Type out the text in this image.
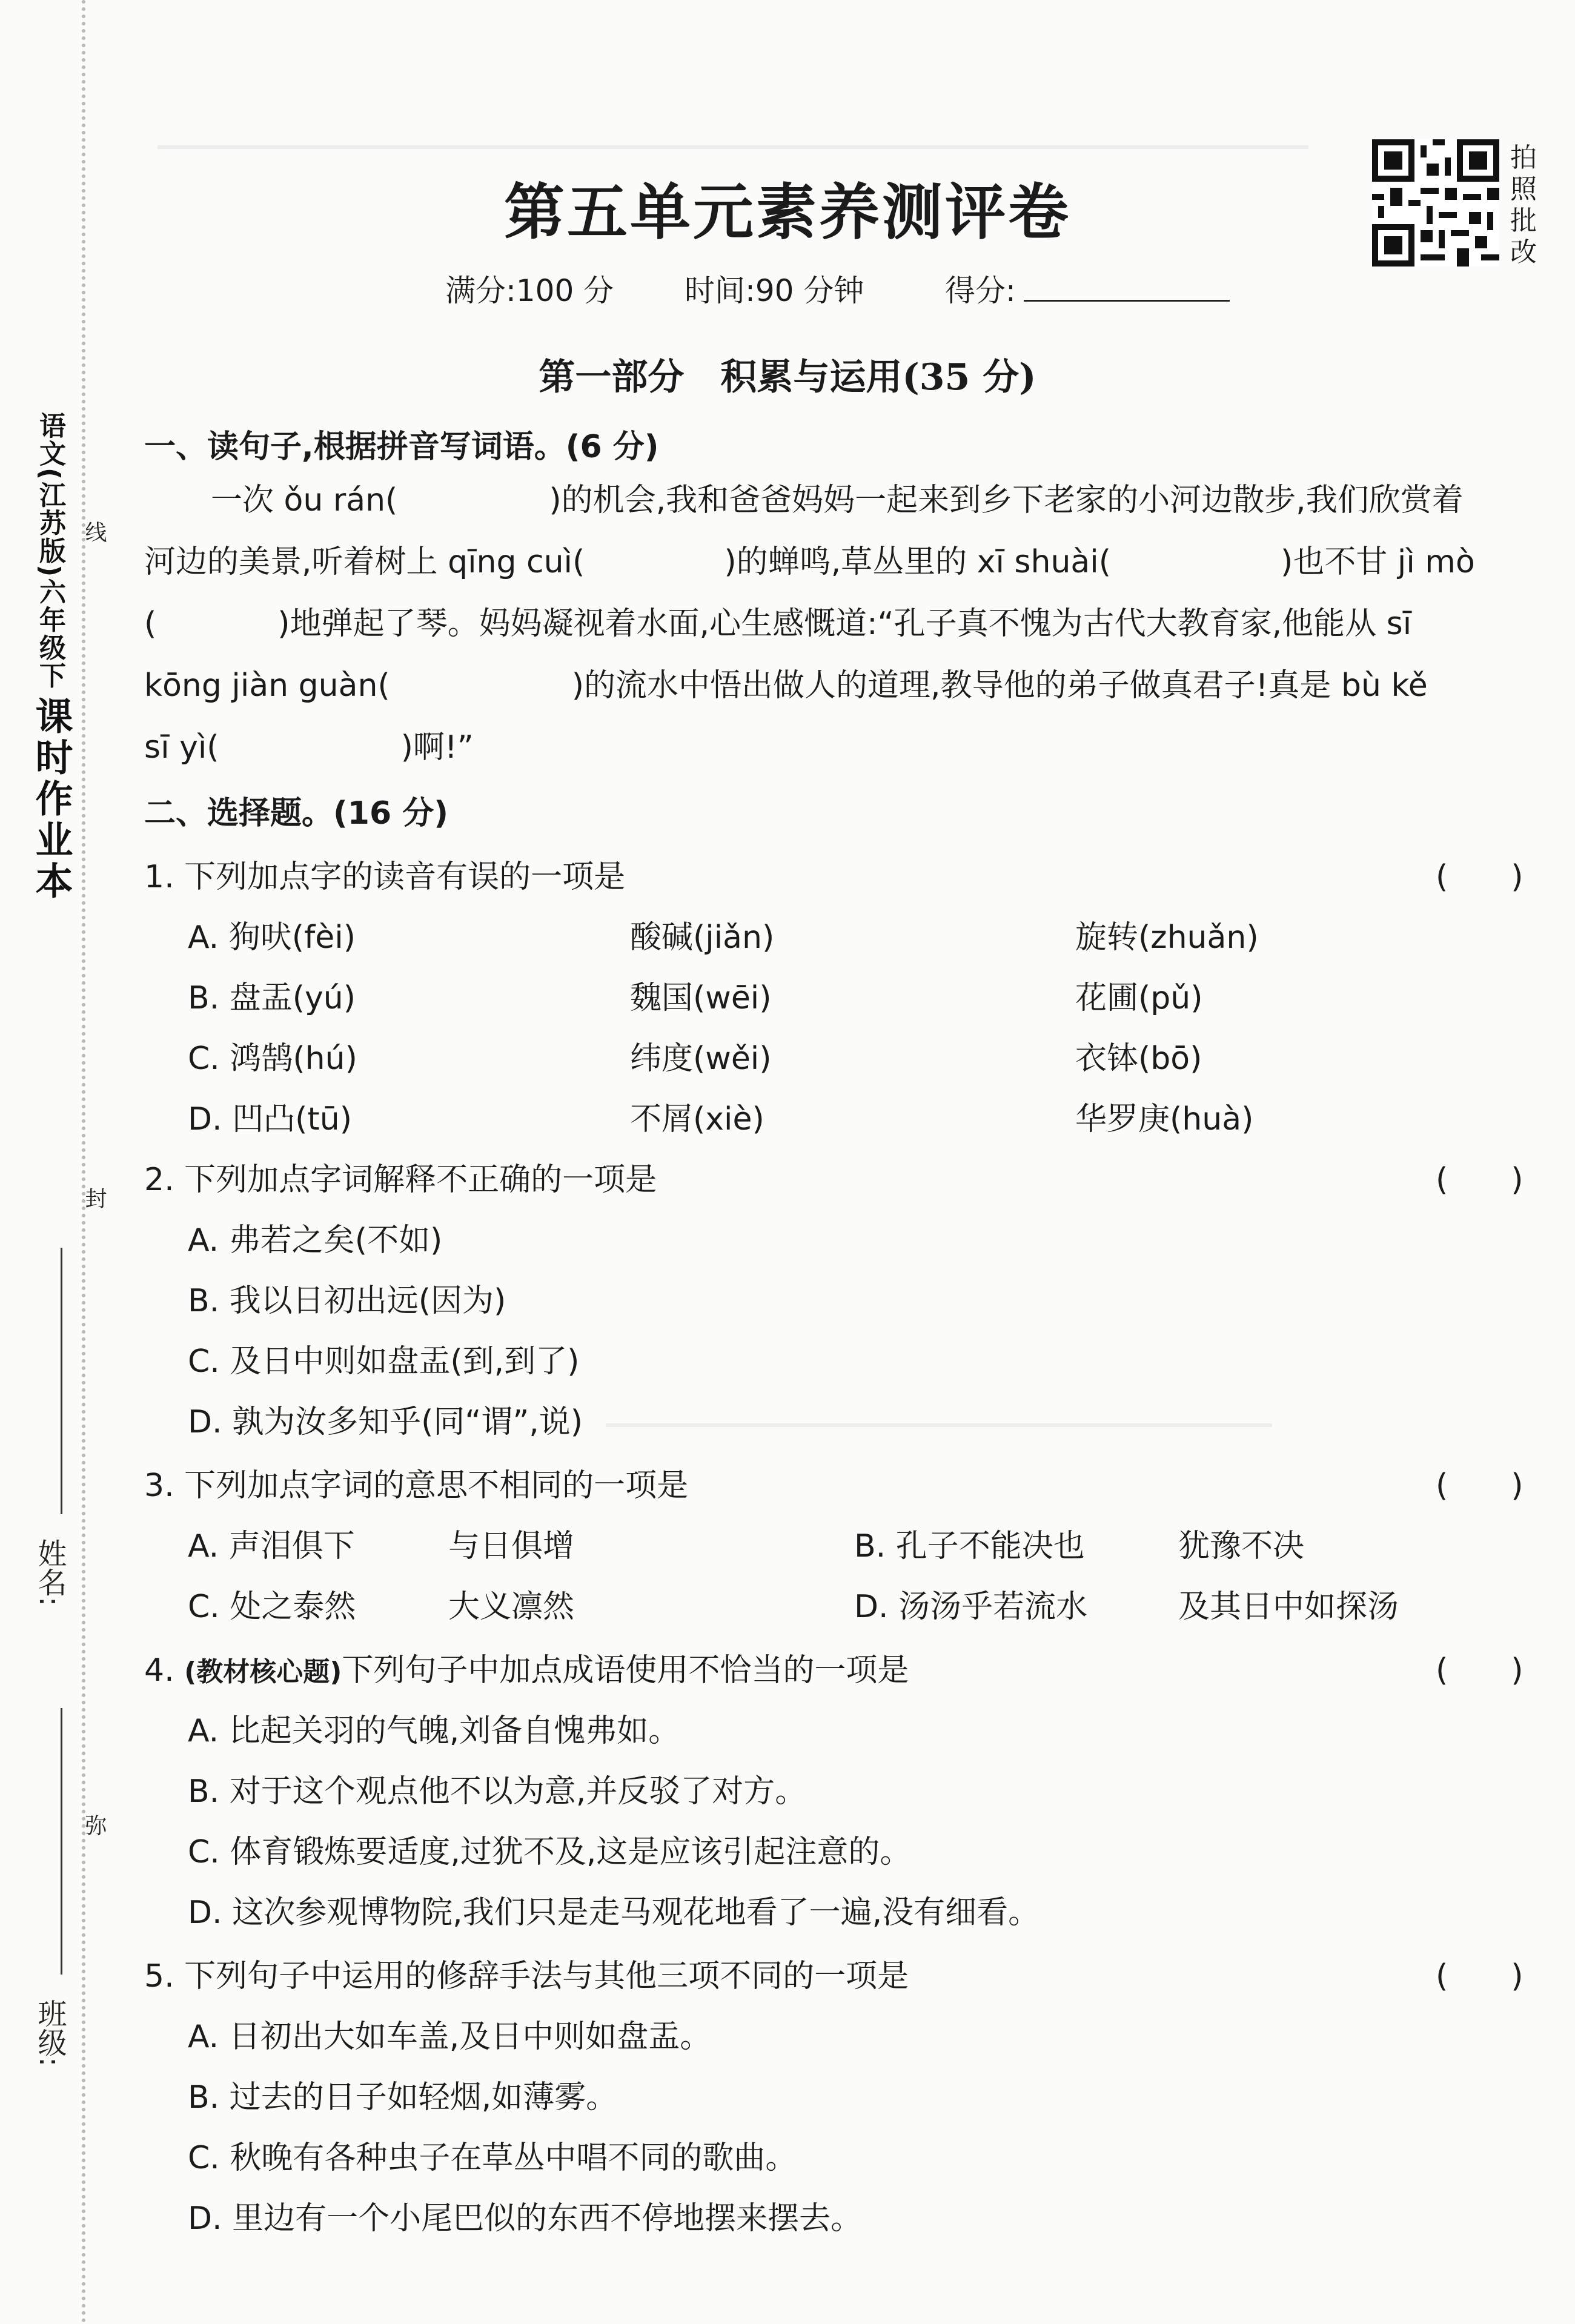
语文(江苏版)六年级下
课时作业本
线
封
弥
姓名:
班级:
第五单元素养测评卷
满分:100 分 时间:90 分钟	得分:
拍
照
批
改
第一部分　积累与运用(35 分)
一、读句子,根据拼音写词语。(6 分)
一次 ǒu rán(	)的机会,我和爸爸妈妈一起来到乡下老家的小河边散步,我们欣赏着
河边的美景,听着树上 qīng cuì(	)的蝉鸣,草丛里的 xī shuài(	)也不甘 jì mò
(	)地弹起了琴。妈妈凝视着水面,心生感慨道:“孔子真不愧为古代大教育家,他能从 sī
kōng jiàn guàn(	)的流水中悟出做人的道理,教导他的弟子做真君子!真是 bù kě
sī yì(	)啊!”
二、选择题。(16 分)
1. 下列加点字的读音有误的一项是	(　　)
A. 狗吠(fèi)	酸碱(jiǎn)	旋转(zhuǎn)
B. 盘盂(yú)	魏国(wēi)	花圃(pǔ)
C. 鸿鹄(hú)	纬度(wěi)	衣钵(bō)
D. 凹凸(tū)	不屑(xiè)	华罗庚(huà)
2. 下列加点字词解释不正确的一项是	(　　)
A. 弗若之矣(不如)
B. 我以日初出远(因为)
C. 及日中则如盘盂(到,到了)
D. 孰为汝多知乎(同“谓”,说)
3. 下列加点字词的意思不相同的一项是	(　　)
A. 声泪俱下	与日俱增	B. 孔子不能决也	犹豫不决
C. 处之泰然	大义凛然	D. 汤汤乎若流水	及其日中如探汤
4. (教材核心题)下列句子中加点成语使用不恰当的一项是	(　　)
A. 比起关羽的气魄,刘备自愧弗如。
B. 对于这个观点他不以为意,并反驳了对方。
C. 体育锻炼要适度,过犹不及,这是应该引起注意的。
D. 这次参观博物院,我们只是走马观花地看了一遍,没有细看。
5. 下列句子中运用的修辞手法与其他三项不同的一项是	(　　)
A. 日初出大如车盖,及日中则如盘盂。
B. 过去的日子如轻烟,如薄雾。
C. 秋晚有各种虫子在草丛中唱不同的歌曲。
D. 里边有一个小尾巴似的东西不停地摆来摆去。
